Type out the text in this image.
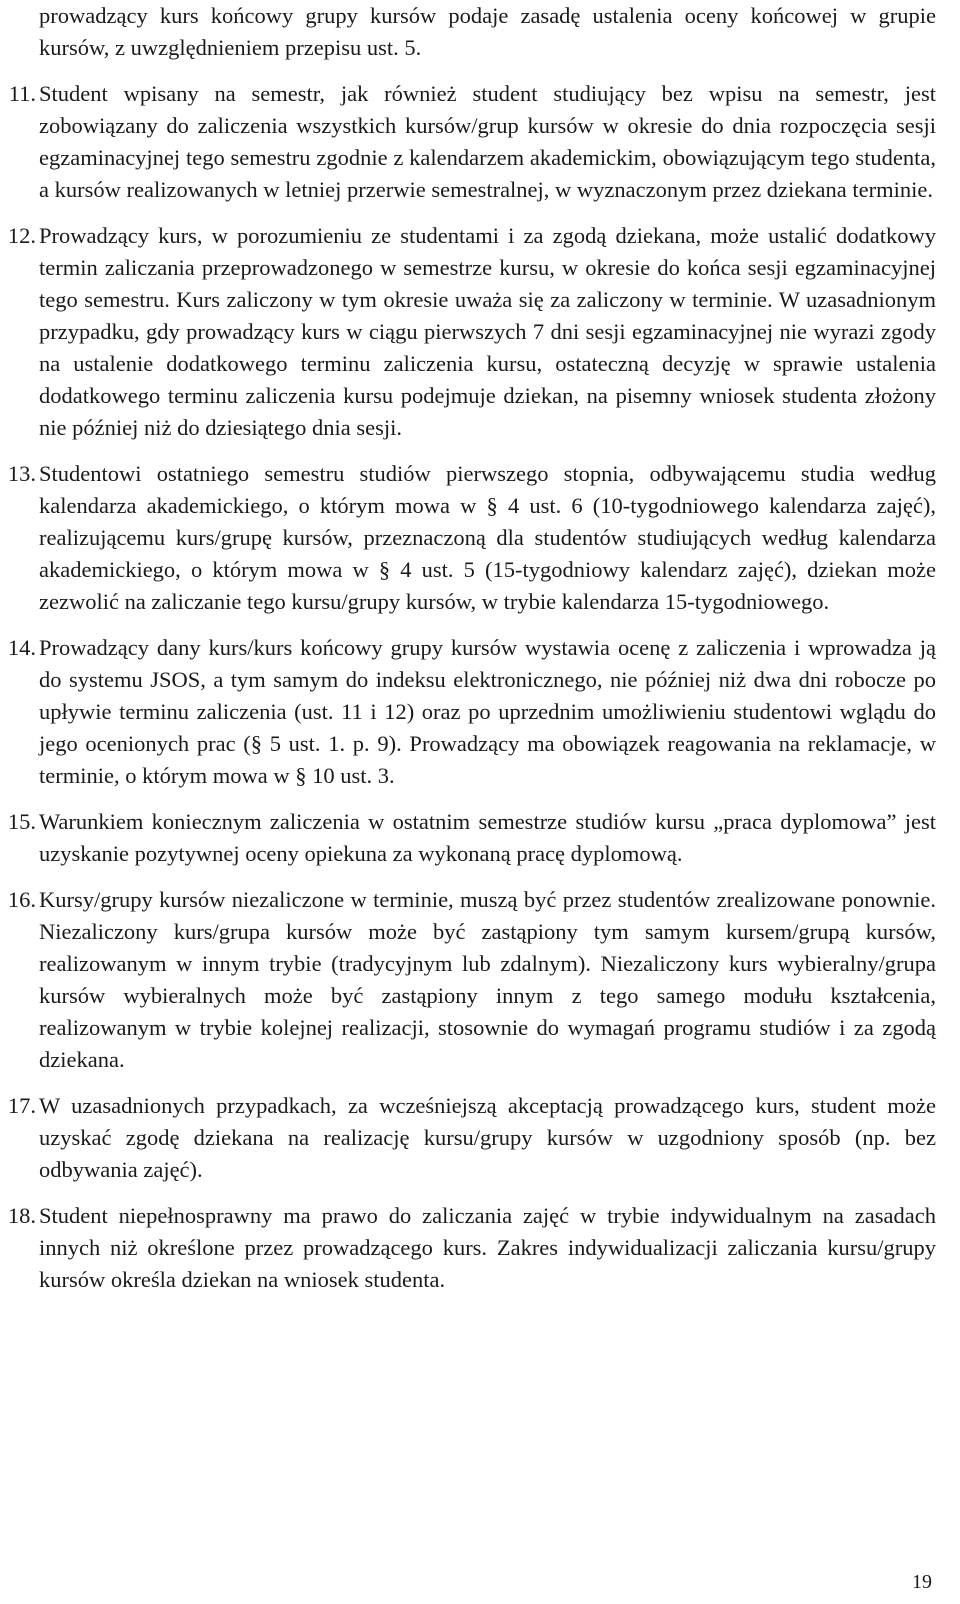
prowadzący kurs końcowy grupy kursów podaje zasadę ustalenia oceny końcowej w grupie kursów, z uwzględnieniem przepisu ust. 5.

11. Student wpisany na semestr, jak również student studiujący bez wpisu na semestr, jest zobowiązany do zaliczenia wszystkich kursów/grup kursów w okresie do dnia rozpoczęcia sesji egzaminacyjnej tego semestru zgodnie z kalendarzem akademickim, obowiązującym tego studenta, a kursów realizowanych w letniej przerwie semestralnej, w wyznaczonym przez dziekana terminie.
12. Prowadzący kurs, w porozumieniu ze studentami i za zgodą dziekana, może ustalić dodatkowy termin zaliczania przeprowadzonego w semestrze kursu, w okresie do końca sesji egzaminacyjnej tego semestru. Kurs zaliczony w tym okresie uważa się za zaliczony w terminie. W uzasadnionym przypadku, gdy prowadzący kurs w ciągu pierwszych 7 dni sesji egzaminacyjnej nie wyrazi zgody na ustalenie dodatkowego terminu zaliczenia kursu, ostateczną decyzję w sprawie ustalenia dodatkowego terminu zaliczenia kursu podejmuje dziekan, na pisemny wniosek studenta złożony nie później niż do dziesiątego dnia sesji.
13. Studentowi ostatniego semestru studiów pierwszego stopnia, odbywającemu studia według kalendarza akademickiego, o którym mowa w § 4 ust. 6 (10-tygodniowego kalendarza zajęć), realizującemu kurs/grupę kursów, przeznaczoną dla studentów studiujących według kalendarza akademickiego, o którym mowa w § 4 ust. 5 (15-tygodniowy kalendarz zajęć), dziekan może zezwolić na zaliczanie tego kursu/grupy kursów, w trybie kalendarza 15-tygodniowego.
14. Prowadzący dany kurs/kurs końcowy grupy kursów wystawia ocenę z zaliczenia i wprowadza ją do systemu JSOS, a tym samym do indeksu elektronicznego, nie później niż dwa dni robocze po upływie terminu zaliczenia (ust. 11 i 12) oraz po uprzednim umożliwieniu studentowi wglądu do jego ocenionych prac (§ 5 ust. 1. p. 9). Prowadzący ma obowiązek reagowania na reklamacje, w terminie, o którym mowa w § 10 ust. 3.
15. Warunkiem koniecznym zaliczenia w ostatnim semestrze studiów kursu „praca dyplomowa” jest uzyskanie pozytywnej oceny opiekuna za wykonaną pracę dyplomową.
16. Kursy/grupy kursów niezaliczone w terminie, muszą być przez studentów zrealizowane ponownie. Niezaliczony kurs/grupa kursów może być zastąpiony tym samym kursem/grupą kursów, realizowanym w innym trybie (tradycyjnym lub zdalnym). Niezaliczony kurs wybieralny/grupa kursów wybieralnych może być zastąpiony innym z tego samego modułu kształcenia, realizowanym w trybie kolejnej realizacji, stosownie do wymagań programu studiów i za zgodą dziekana.
17. W uzasadnionych przypadkach, za wcześniejszą akceptacją prowadzącego kurs, student może uzyskać zgodę dziekana na realizację kursu/grupy kursów w uzgodniony sposób (np. bez odbywania zajęć).
18. Student niepełnosprawny ma prawo do zaliczania zajęć w trybie indywidualnym na zasadach innych niż określone przez prowadzącego kurs. Zakres indywidualizacji zaliczania kursu/grupy kursów określa dziekan na wniosek studenta.
19
